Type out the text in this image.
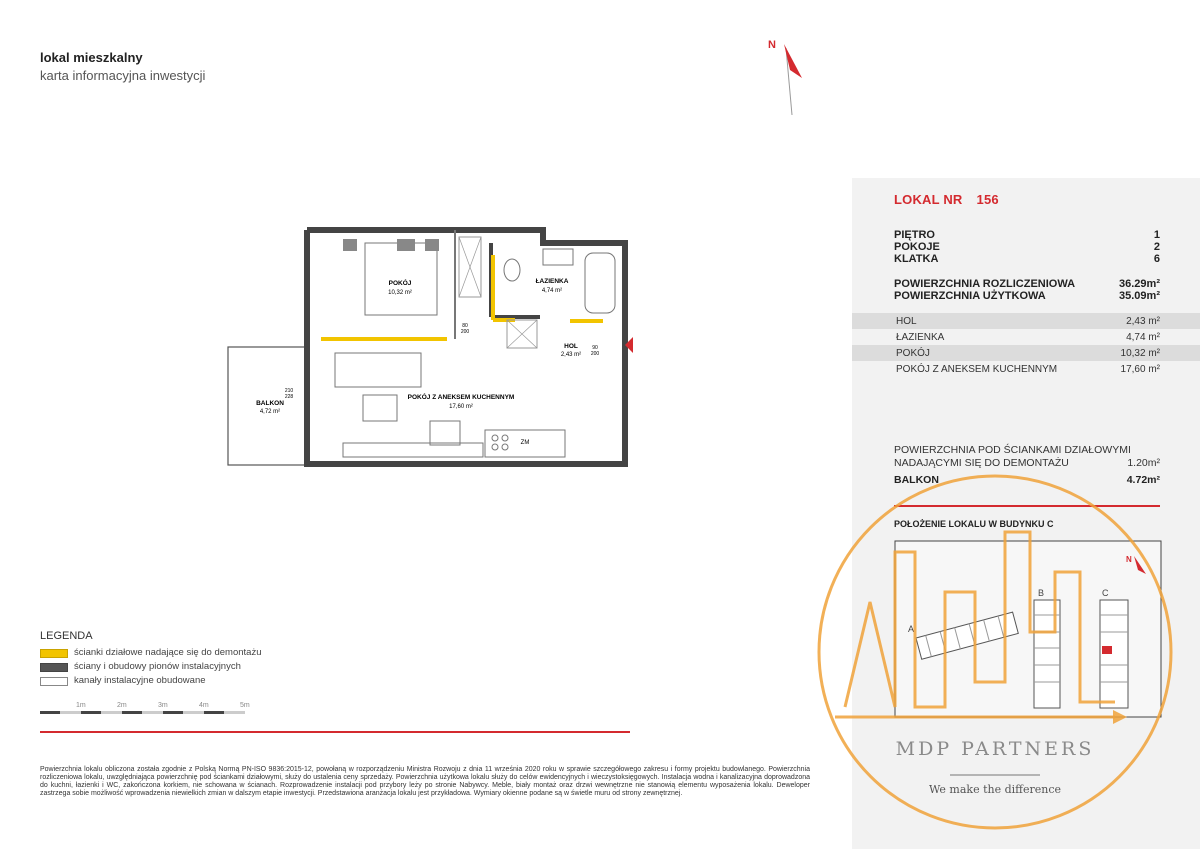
lokal mieszkalny
karta informacyjna inwestycji
N
POKÓJ
10,32 m²
ŁAZIENKA
4,74 m²
HOL
2,43 m²
POKÓJ Z ANEKSEM KUCHENNYM
17,60 m²
BALKON
4,72 m²
ZM
80
200
90
200
210
228
LEGENDA
ścianki działowe nadające się do demontażu
ściany i obudowy pionów instalacyjnych
kanały instalacyjne obudowane
1m	2m	3m	4m	5m
Powierzchnia lokalu obliczona została zgodnie z Polską Normą PN-ISO 9836:2015-12, powołaną w rozporządzeniu Ministra Rozwoju z dnia 11 września 2020 roku w sprawie szczegółowego zakresu i formy projektu budowlanego. Powierzchnia rozliczeniowa lokalu, uwzględniająca powierzchnię pod ściankami działowymi, służy do ustalenia ceny sprzedaży. Powierzchnia użytkowa lokalu służy do celów ewidencyjnych i wieczystoksięgowych. Instalacja wodna i kanalizacyjna doprowadzona do kuchni, łazienki i WC, zakończona korkiem, nie schowana w ścianach. Rozprowadzenie instalacji pod przybory leży po stronie Nabywcy. Meble, biały montaż oraz drzwi wewnętrzne nie stanowią elementu wyposażenia lokalu. Deweloper zastrzega sobie możliwość wprowadzenia niewielkich zmian w dalszym etapie inwestycji. Przedstawiona aranżacja lokalu jest przykładowa. Wymiary okienne podane są w świetle muru od strony zewnętrznej.
LOKAL NR 156
PIĘTRO	1
POKOJE	2
KLATKA	6
POWIERZCHNIA ROZLICZENIOWA	36.29m²
POWIERZCHNIA UŻYTKOWA	35.09m²
HOL	2,43 m²
ŁAZIENKA	4,74 m²
POKÓJ	10,32 m²
POKÓJ Z ANEKSEM KUCHENNYM	17,60 m²
POWIERZCHNIA POD ŚCIANKAMI DZIAŁOWYMI
NADAJĄCYMI SIĘ DO DEMONTAŻU	1.20m²
BALKON	4.72m²
POŁOŻENIE LOKALU W BUDYNKU C
A
B	C
N
MDP PARTNERS
We make the difference
